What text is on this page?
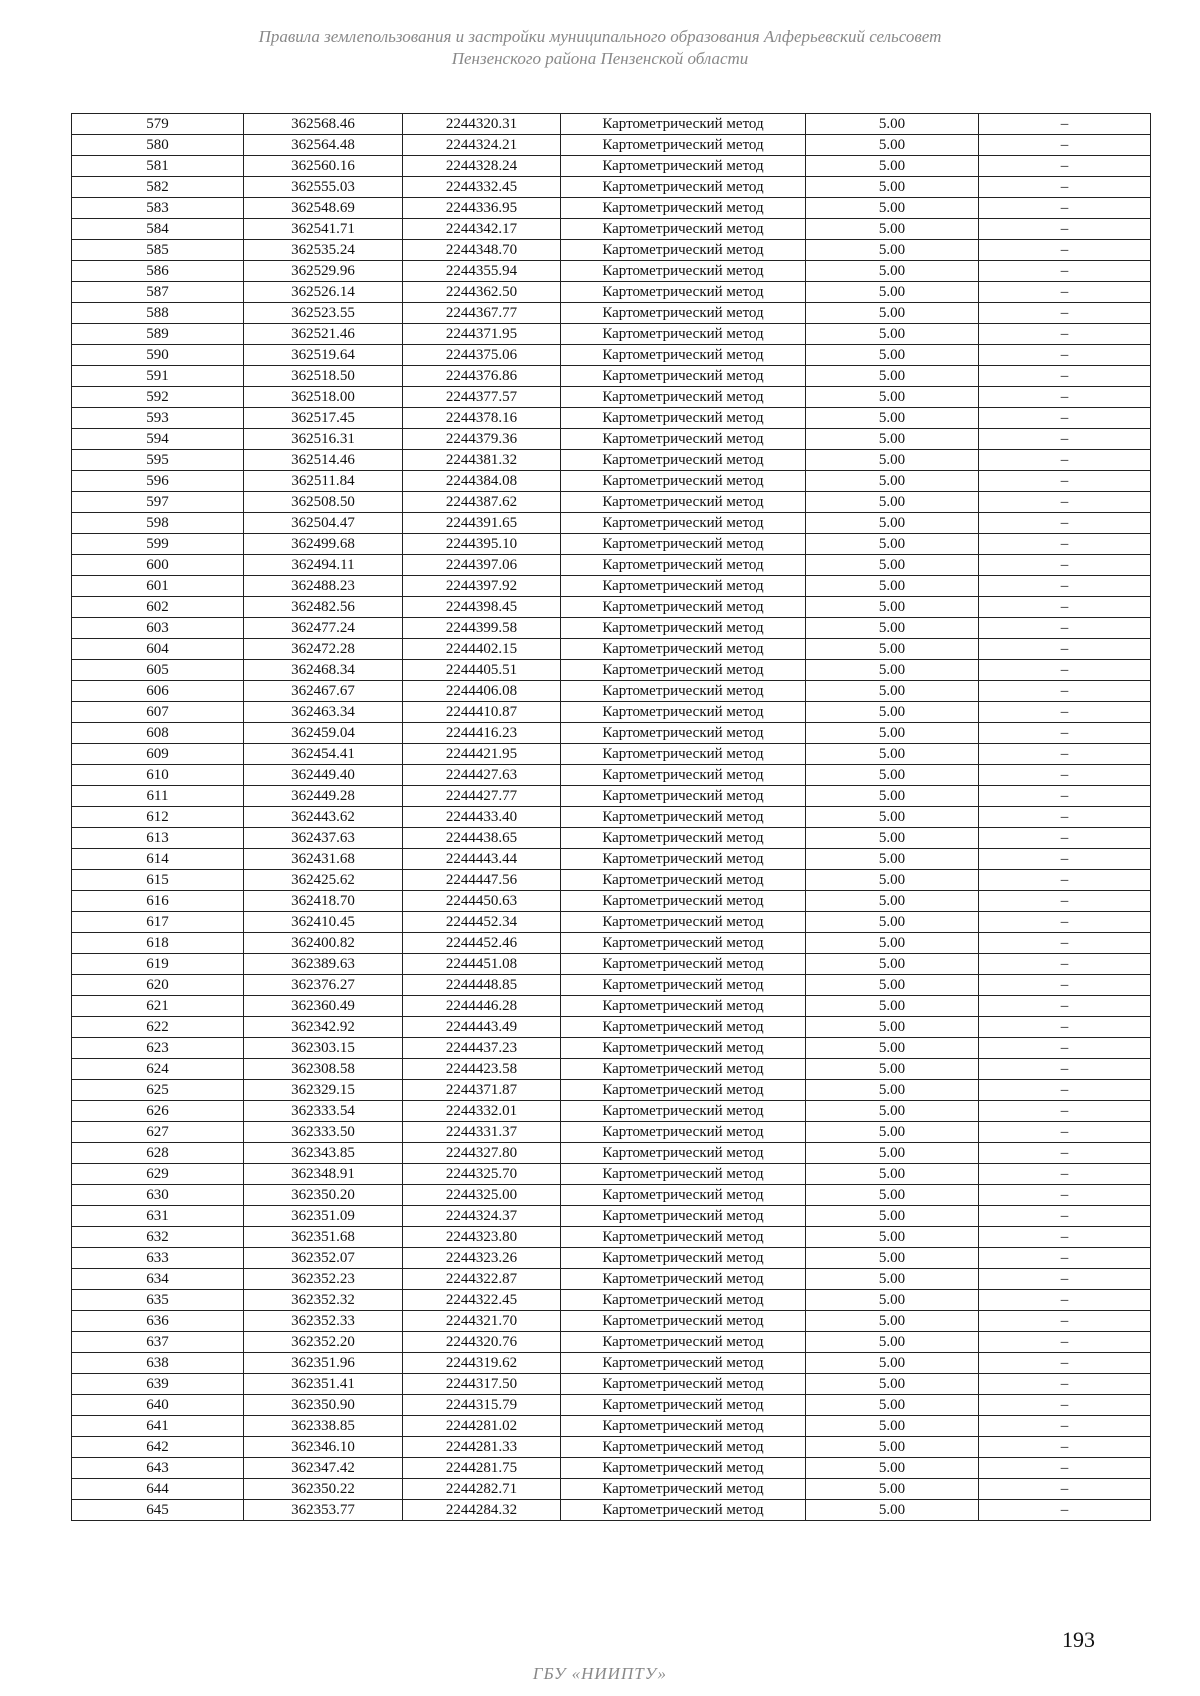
Правила землепользования и застройки муниципального образования Алферьевский сельсовет
Пензенского района Пензенской области
579	362568.46	2244320.31	Картометрический метод	5.00	–
580	362564.48	2244324.21	Картометрический метод	5.00	–
581	362560.16	2244328.24	Картометрический метод	5.00	–
582	362555.03	2244332.45	Картометрический метод	5.00	–
583	362548.69	2244336.95	Картометрический метод	5.00	–
584	362541.71	2244342.17	Картометрический метод	5.00	–
585	362535.24	2244348.70	Картометрический метод	5.00	–
586	362529.96	2244355.94	Картометрический метод	5.00	–
587	362526.14	2244362.50	Картометрический метод	5.00	–
588	362523.55	2244367.77	Картометрический метод	5.00	–
589	362521.46	2244371.95	Картометрический метод	5.00	–
590	362519.64	2244375.06	Картометрический метод	5.00	–
591	362518.50	2244376.86	Картометрический метод	5.00	–
592	362518.00	2244377.57	Картометрический метод	5.00	–
593	362517.45	2244378.16	Картометрический метод	5.00	–
594	362516.31	2244379.36	Картометрический метод	5.00	–
595	362514.46	2244381.32	Картометрический метод	5.00	–
596	362511.84	2244384.08	Картометрический метод	5.00	–
597	362508.50	2244387.62	Картометрический метод	5.00	–
598	362504.47	2244391.65	Картометрический метод	5.00	–
599	362499.68	2244395.10	Картометрический метод	5.00	–
600	362494.11	2244397.06	Картометрический метод	5.00	–
601	362488.23	2244397.92	Картометрический метод	5.00	–
602	362482.56	2244398.45	Картометрический метод	5.00	–
603	362477.24	2244399.58	Картометрический метод	5.00	–
604	362472.28	2244402.15	Картометрический метод	5.00	–
605	362468.34	2244405.51	Картометрический метод	5.00	–
606	362467.67	2244406.08	Картометрический метод	5.00	–
607	362463.34	2244410.87	Картометрический метод	5.00	–
608	362459.04	2244416.23	Картометрический метод	5.00	–
609	362454.41	2244421.95	Картометрический метод	5.00	–
610	362449.40	2244427.63	Картометрический метод	5.00	–
611	362449.28	2244427.77	Картометрический метод	5.00	–
612	362443.62	2244433.40	Картометрический метод	5.00	–
613	362437.63	2244438.65	Картометрический метод	5.00	–
614	362431.68	2244443.44	Картометрический метод	5.00	–
615	362425.62	2244447.56	Картометрический метод	5.00	–
616	362418.70	2244450.63	Картометрический метод	5.00	–
617	362410.45	2244452.34	Картометрический метод	5.00	–
618	362400.82	2244452.46	Картометрический метод	5.00	–
619	362389.63	2244451.08	Картометрический метод	5.00	–
620	362376.27	2244448.85	Картометрический метод	5.00	–
621	362360.49	2244446.28	Картометрический метод	5.00	–
622	362342.92	2244443.49	Картометрический метод	5.00	–
623	362303.15	2244437.23	Картометрический метод	5.00	–
624	362308.58	2244423.58	Картометрический метод	5.00	–
625	362329.15	2244371.87	Картометрический метод	5.00	–
626	362333.54	2244332.01	Картометрический метод	5.00	–
627	362333.50	2244331.37	Картометрический метод	5.00	–
628	362343.85	2244327.80	Картометрический метод	5.00	–
629	362348.91	2244325.70	Картометрический метод	5.00	–
630	362350.20	2244325.00	Картометрический метод	5.00	–
631	362351.09	2244324.37	Картометрический метод	5.00	–
632	362351.68	2244323.80	Картометрический метод	5.00	–
633	362352.07	2244323.26	Картометрический метод	5.00	–
634	362352.23	2244322.87	Картометрический метод	5.00	–
635	362352.32	2244322.45	Картометрический метод	5.00	–
636	362352.33	2244321.70	Картометрический метод	5.00	–
637	362352.20	2244320.76	Картометрический метод	5.00	–
638	362351.96	2244319.62	Картометрический метод	5.00	–
639	362351.41	2244317.50	Картометрический метод	5.00	–
640	362350.90	2244315.79	Картометрический метод	5.00	–
641	362338.85	2244281.02	Картометрический метод	5.00	–
642	362346.10	2244281.33	Картометрический метод	5.00	–
643	362347.42	2244281.75	Картометрический метод	5.00	–
644	362350.22	2244282.71	Картометрический метод	5.00	–
645	362353.77	2244284.32	Картометрический метод	5.00	–
193
ГБУ «НИИПТУ»
